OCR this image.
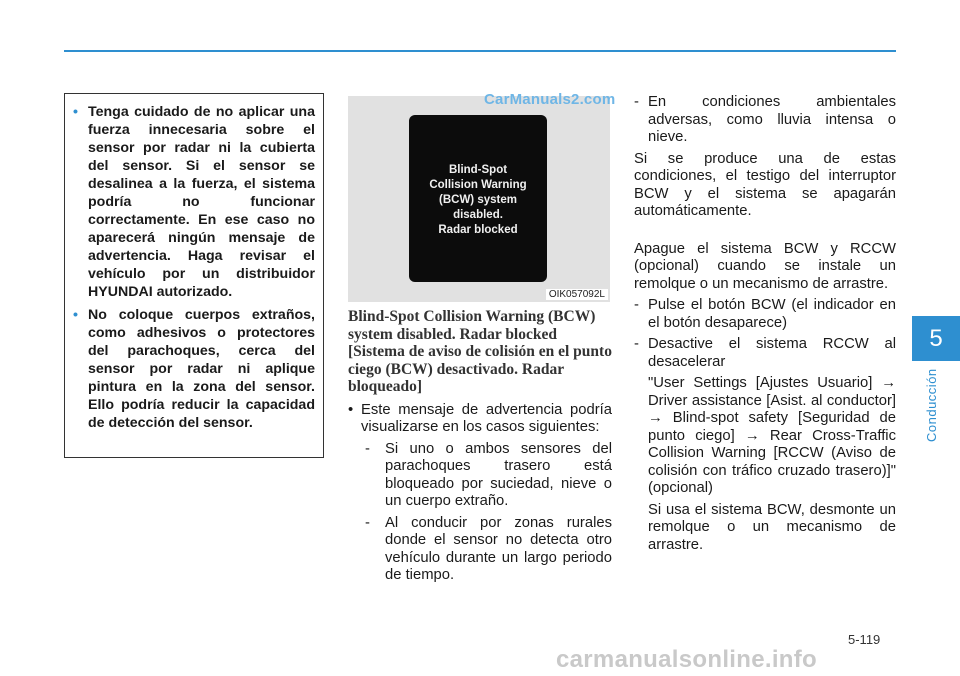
• Tenga cuidado de no aplicar una fuerza innecesaria sobre el sensor por radar ni la cubierta del sensor. Si el sensor se desalinea a la fuerza, el sistema podría no funcionar correctamente. En ese caso no aparecerá ningún mensaje de advertencia. Haga revisar el vehículo por un distribuidor HYUNDAI autorizado.
• No coloque cuerpos extraños, como adhesivos o protectores del parachoques, cerca del sensor por radar ni aplique pintura en la zona del sensor. Ello podría reducir la capacidad de detección del sensor.
Blind-Spot
Collision Warning
(BCW) system
disabled.
Radar blocked
OIK057092L
CarManuals2.com
Blind-Spot Collision Warning (BCW) system disabled. Radar blocked [Sistema de aviso de colisión en el punto ciego (BCW) desactivado. Radar bloqueado]
• Este mensaje de advertencia podría visualizarse en los casos siguientes:
- Si uno o ambos sensores del parachoques trasero está bloqueado por suciedad, nieve o un cuerpo extraño.
- Al conducir por zonas rurales donde el sensor no detecta otro vehículo durante un largo periodo de tiempo.
- En condiciones ambientales adversas, como lluvia intensa o nieve.
Si se produce una de estas condiciones, el testigo del interruptor BCW y el sistema se apagarán automáticamente.
Apague el sistema BCW y RCCW (opcional) cuando se instale un remolque o un mecanismo de arrastre.
- Pulse el botón BCW (el indicador en el botón desaparece)
- Desactive el sistema RCCW al desacelerar
"User Settings [Ajustes Usuario] → Driver assistance [Asist. al conductor] → Blind-spot safety [Seguridad de punto ciego] → Rear Cross-Traffic Collision Warning [RCCW (Aviso de colisión con tráfico cruzado trasero)]" (opcional)
Si usa el sistema BCW, desmonte un remolque o un mecanismo de arrastre.
5
Conducción
5-119
carmanualsonline.info
